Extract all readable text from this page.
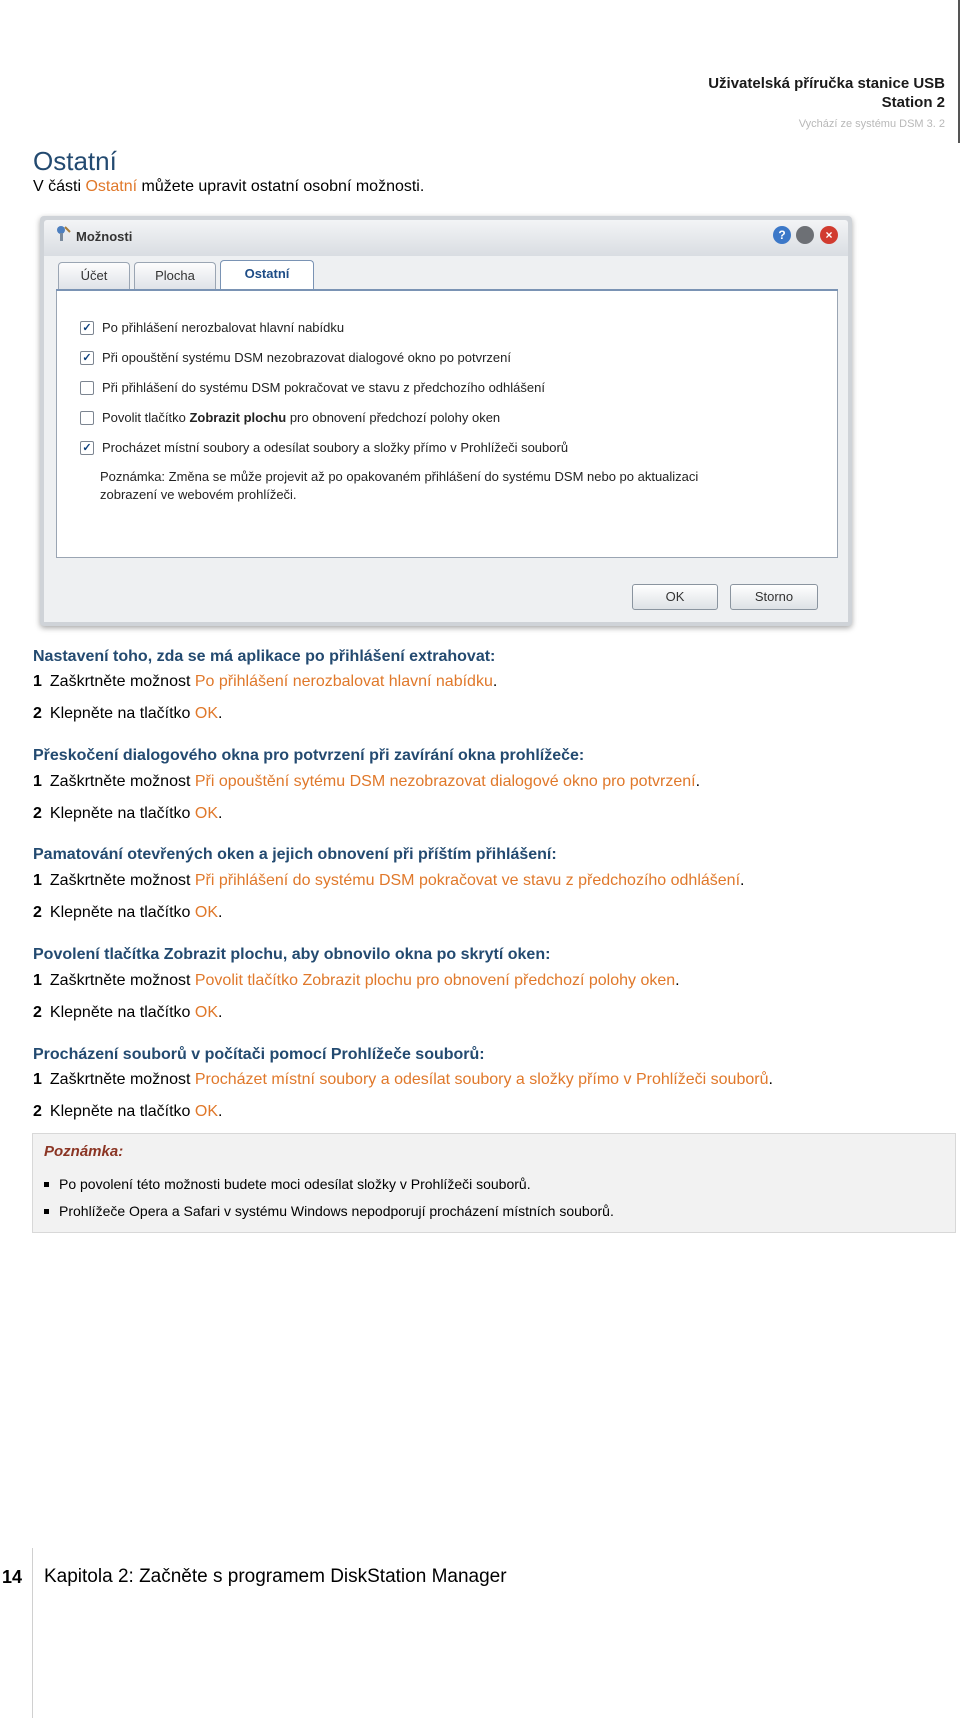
Uživatelská příručka stanice USB Station 2
Vychází ze systému DSM 3. 2
Ostatní
V části Ostatní můžete upravit ostatní osobní možnosti.
Možnosti	?	×
Účet	Plocha	Ostatní
✓ Po přihlášení nerozbalovat hlavní nabídku
✓ Při opouštění systému DSM nezobrazovat dialogové okno po potvrzení
Při přihlášení do systému DSM pokračovat ve stavu z předchozího odhlášení
Povolit tlačítko Zobrazit plochu pro obnovení předchozí polohy oken
✓ Procházet místní soubory a odesílat soubory a složky přímo v Prohlížeči souborů
Poznámka: Změna se může projevit až po opakovaném přihlášení do systému DSM nebo po aktualizaci zobrazení ve webovém prohlížeči.
OK	Storno
Nastavení toho, zda se má aplikace po přihlášení extrahovat:
1 Zaškrtněte možnost Po přihlášení nerozbalovat hlavní nabídku.
2 Klepněte na tlačítko OK.
Přeskočení dialogového okna pro potvrzení při zavírání okna prohlížeče:
1 Zaškrtněte možnost Při opouštění sytému DSM nezobrazovat dialogové okno pro potvrzení.
2 Klepněte na tlačítko OK.
Pamatování otevřených oken a jejich obnovení při příštím přihlášení:
1 Zaškrtněte možnost Při přihlášení do systému DSM pokračovat ve stavu z předchozího odhlášení.
2 Klepněte na tlačítko OK.
Povolení tlačítka Zobrazit plochu, aby obnovilo okna po skrytí oken:
1 Zaškrtněte možnost Povolit tlačítko Zobrazit plochu pro obnovení předchozí polohy oken.
2 Klepněte na tlačítko OK.
Procházení souborů v počítači pomocí Prohlížeče souborů:
1 Zaškrtněte možnost Procházet místní soubory a odesílat soubory a složky přímo v Prohlížeči souborů.
2 Klepněte na tlačítko OK.
Poznámka:
Po povolení této možnosti budete moci odesílat složky v Prohlížeči souborů.
Prohlížeče Opera a Safari v systému Windows nepodporují procházení místních souborů.
14 Kapitola 2: Začněte s programem DiskStation Manager
